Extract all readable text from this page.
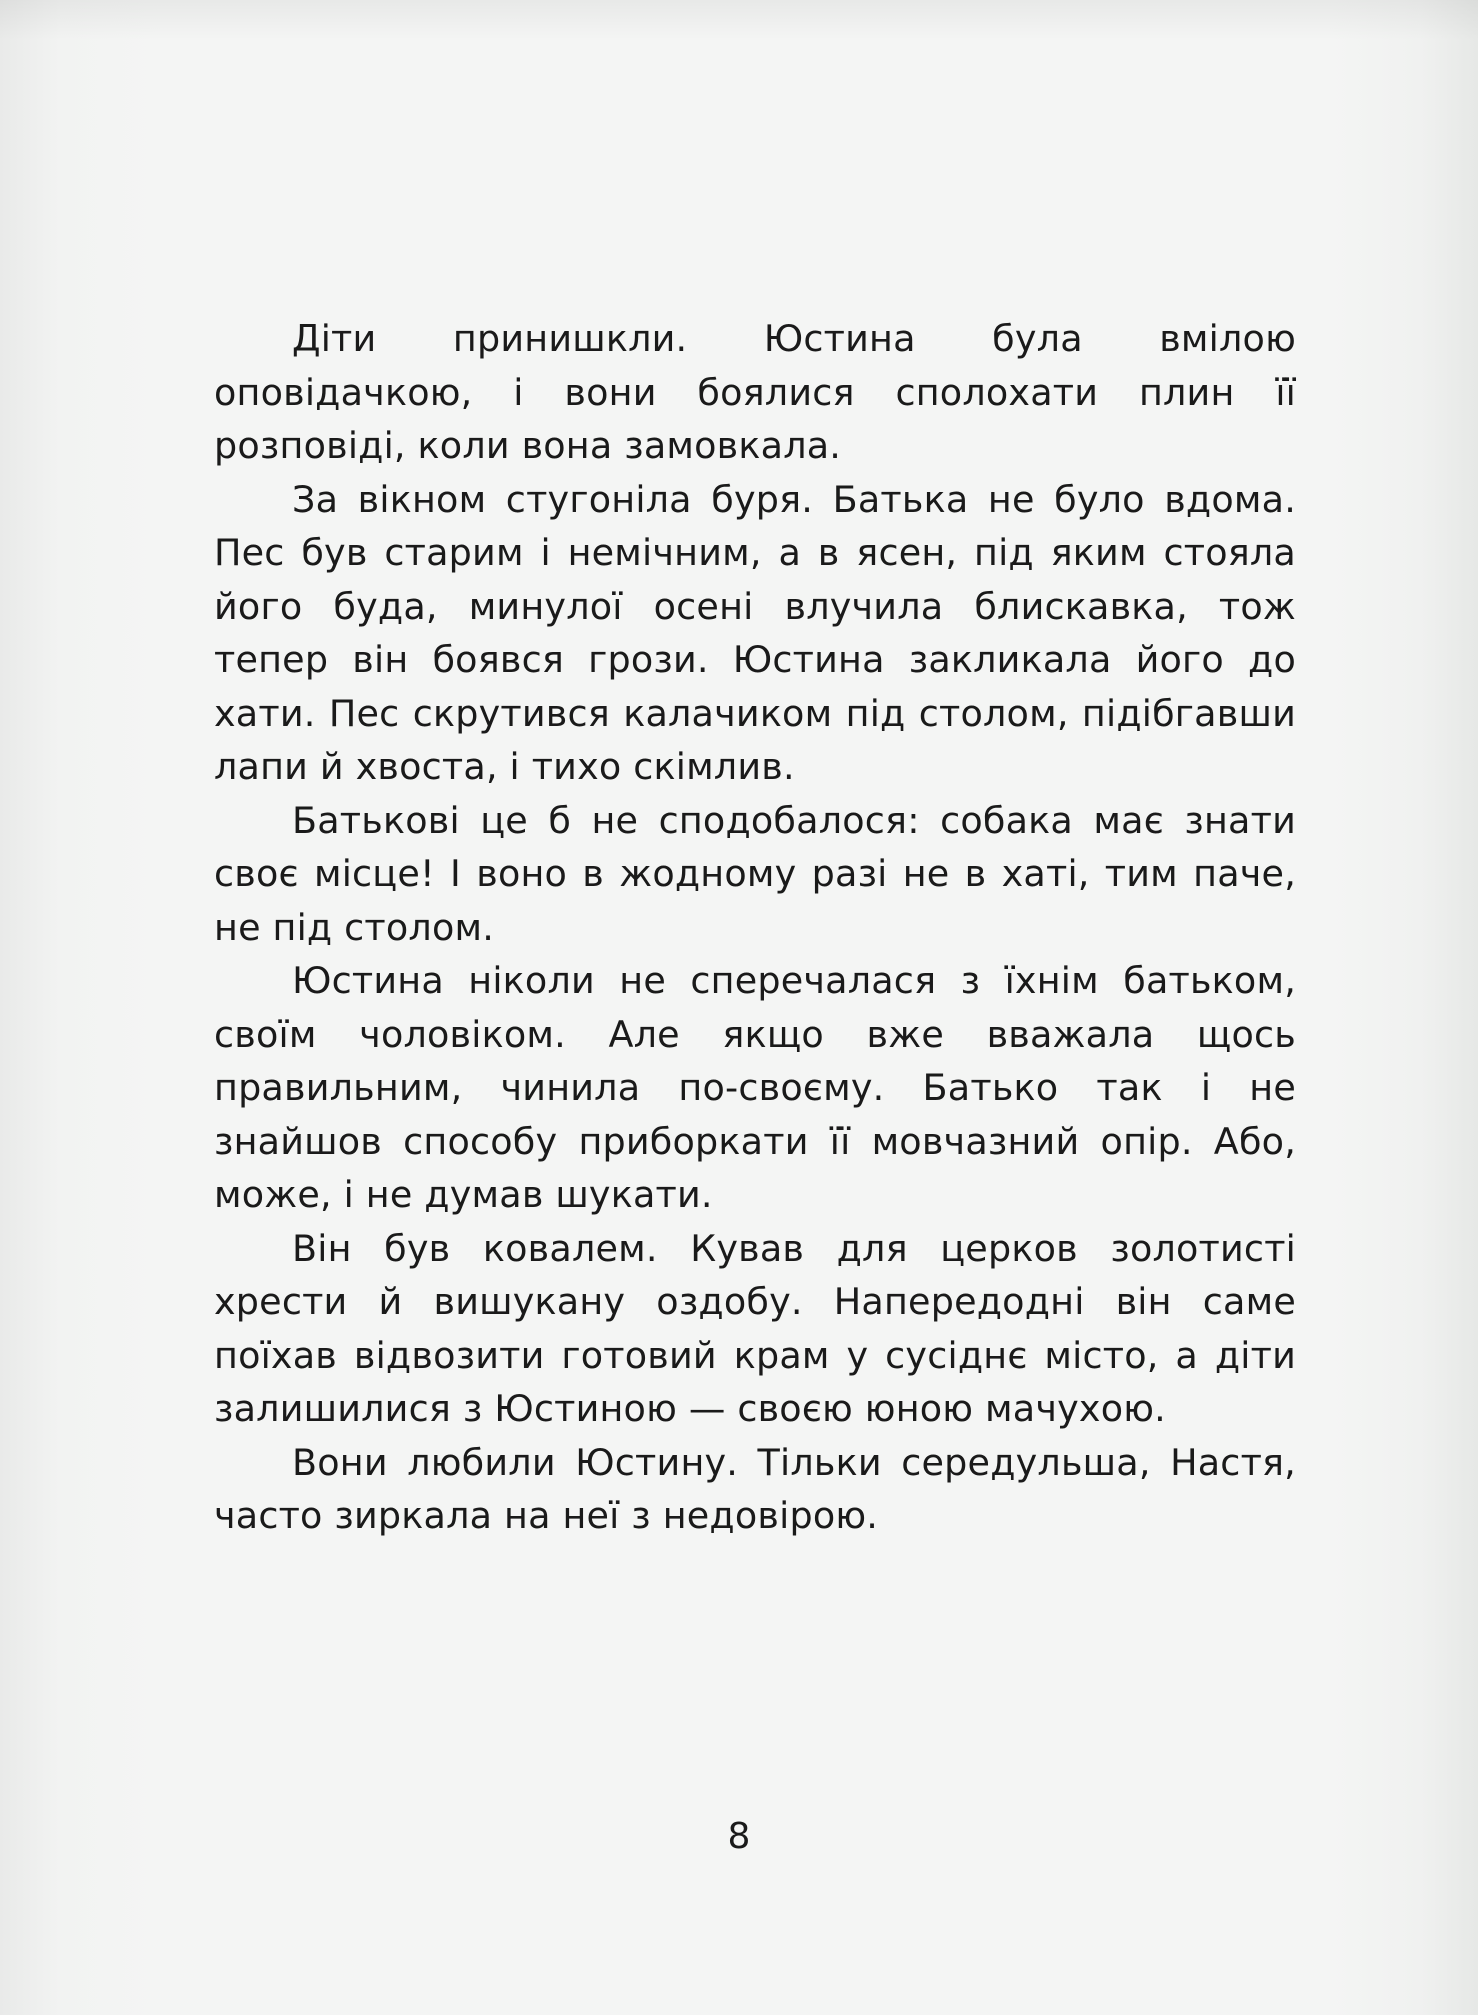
Діти принишкли. Юстина була вмілою оповідачкою, і вони боялися сполохати плин її розповіді, коли вона замовкала.

За вікном стугоніла буря. Батька не було вдома. Пес був старим і немічним, а в ясен, під яким стояла його буда, минулої осені влучила блискавка, тож тепер він боявся грози. Юстина закликала його до хати. Пес скрутився калачиком під столом, підібгавши лапи й хвоста, і тихо скімлив.

Батькові це б не сподобалося: собака має знати своє місце! І воно в жодному разі не в хаті, тим паче, не під столом.

Юстина ніколи не сперечалася з їхнім батьком, своїм чоловіком. Але якщо вже вважала щось правильним, чинила по-своєму. Батько так і не знайшов способу приборкати її мовчазний опір. Або, може, і не думав шукати.

Він був ковалем. Кував для церков золотисті хрести й вишукану оздобу. Напередодні він саме поїхав відвозити готовий крам у сусіднє місто, а діти залишилися з Юстиною — своєю юною мачухою.

Вони любили Юстину. Тільки середульша, Настя, часто зиркала на неї з недовірою.

8
